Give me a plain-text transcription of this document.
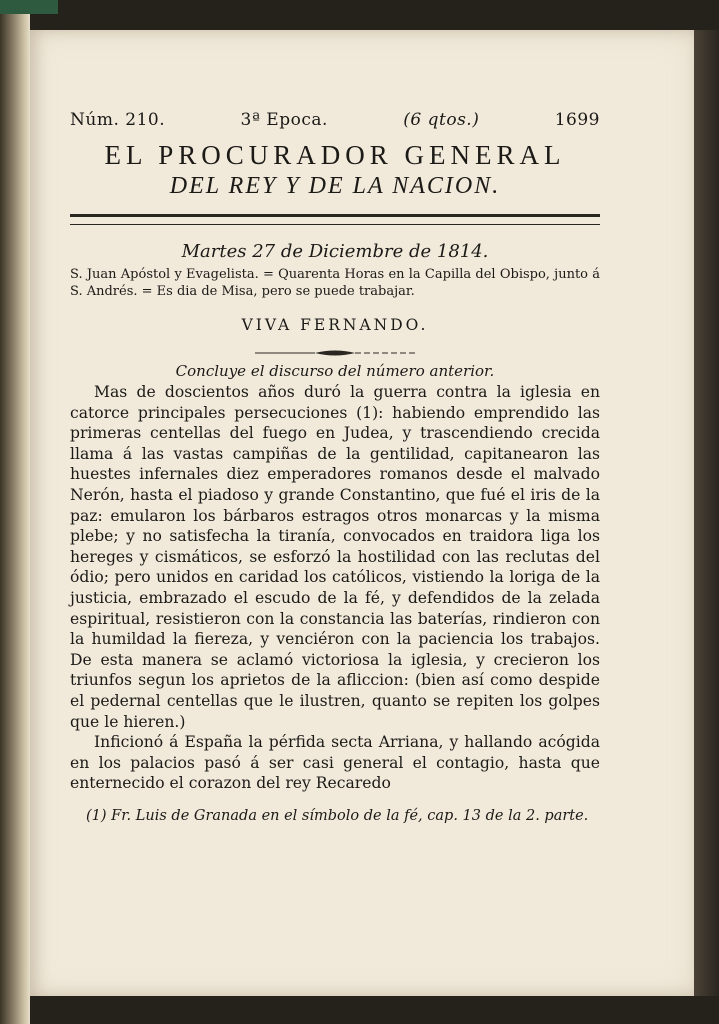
Núm. 210.	3ª Epoca.	(6 qtos.)	1699
EL PROCURADOR GENERAL
DEL REY Y DE LA NACION.
Martes 27 de Diciembre de 1814.
S. Juan Apóstol y Evagelista. = Quarenta Horas en la Capilla del Obispo, junto á S. Andrés. = Es dia de Misa, pero se puede trabajar.
VIVA FERNANDO.
Concluye el discurso del número anterior.

Mas de doscientos años duró la guerra contra la iglesia en catorce principales persecuciones (1): habiendo emprendido las primeras centellas del fuego en Judea, y trascendiendo crecida llama á las vastas campiñas de la gentilidad, capitanearon las huestes infernales diez emperadores romanos desde el malvado Nerón, hasta el piadoso y grande Constantino, que fué el iris de la paz: emularon los bárbaros estragos otros monarcas y la misma plebe; y no satisfecha la tiranía, convocados en traidora liga los hereges y cismáticos, se esforzó la hostilidad con las reclutas del ódio; pero unidos en caridad los católicos, vistiendo la loriga de la justicia, embrazado el escudo de la fé, y defendidos de la zelada espiritual, resistieron con la constancia las baterías, rindieron con la humildad la fiereza, y venciéron con la paciencia los trabajos. De esta manera se aclamó victoriosa la iglesia, y crecieron los triunfos segun los aprietos de la afliccion: (bien así como despide el pedernal centellas que le ilustren, quanto se repiten los golpes que le hieren.)

Inficionó á España la pérfida secta Arriana, y hallando acógida en los palacios pasó á ser casi general el contagio, hasta que enternecido el corazon del rey Recaredo

(1) Fr. Luis de Granada en el símbolo de la fé, cap. 13 de la 2. parte.
